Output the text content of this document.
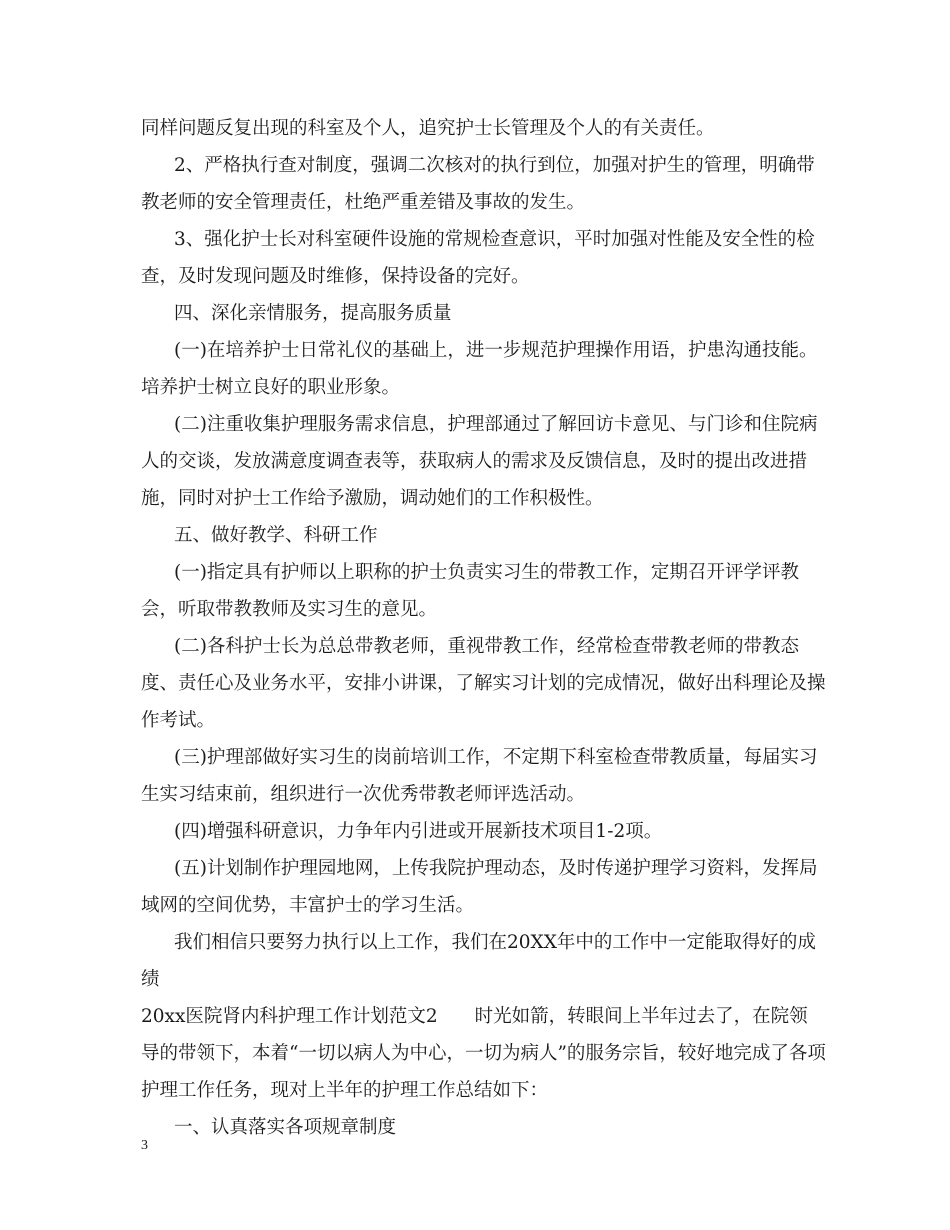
同样问题反复出现的科室及个人，追究护士长管理及个人的有关责任。

2、严格执行查对制度，强调二次核对的执行到位，加强对护生的管理，明确带教老师的安全管理责任，杜绝严重差错及事故的发生。

3、强化护士长对科室硬件设施的常规检查意识，平时加强对性能及安全性的检查，及时发现问题及时维修，保持设备的完好。

四、深化亲情服务，提高服务质量

(一)在培养护士日常礼仪的基础上，进一步规范护理操作用语，护患沟通技能。培养护士树立良好的职业形象。

(二)注重收集护理服务需求信息，护理部通过了解回访卡意见、与门诊和住院病人的交谈，发放满意度调查表等，获取病人的需求及反馈信息，及时的提出改进措施，同时对护士工作给予激励，调动她们的工作积极性。

五、做好教学、科研工作

(一)指定具有护师以上职称的护士负责实习生的带教工作，定期召开评学评教会，听取带教教师及实习生的意见。

(二)各科护士长为总总带教老师，重视带教工作，经常检查带教老师的带教态度、责任心及业务水平，安排小讲课，了解实习计划的完成情况，做好出科理论及操作考试。

(三)护理部做好实习生的岗前培训工作，不定期下科室检查带教质量，每届实习生实习结束前，组织进行一次优秀带教老师评选活动。

(四)增强科研意识，力争年内引进或开展新技术项目1-2项。

(五)计划制作护理园地网，上传我院护理动态，及时传递护理学习资料，发挥局域网的空间优势，丰富护士的学习生活。

我们相信只要努力执行以上工作，我们在20XX年中的工作中一定能取得好的成绩

20xx医院肾内科护理工作计划范文2　　时光如箭，转眼间上半年过去了，在院领导的带领下，本着“一切以病人为中心，一切为病人”的服务宗旨，较好地完成了各项护理工作任务，现对上半年的护理工作总结如下：

一、认真落实各项规章制度

3
